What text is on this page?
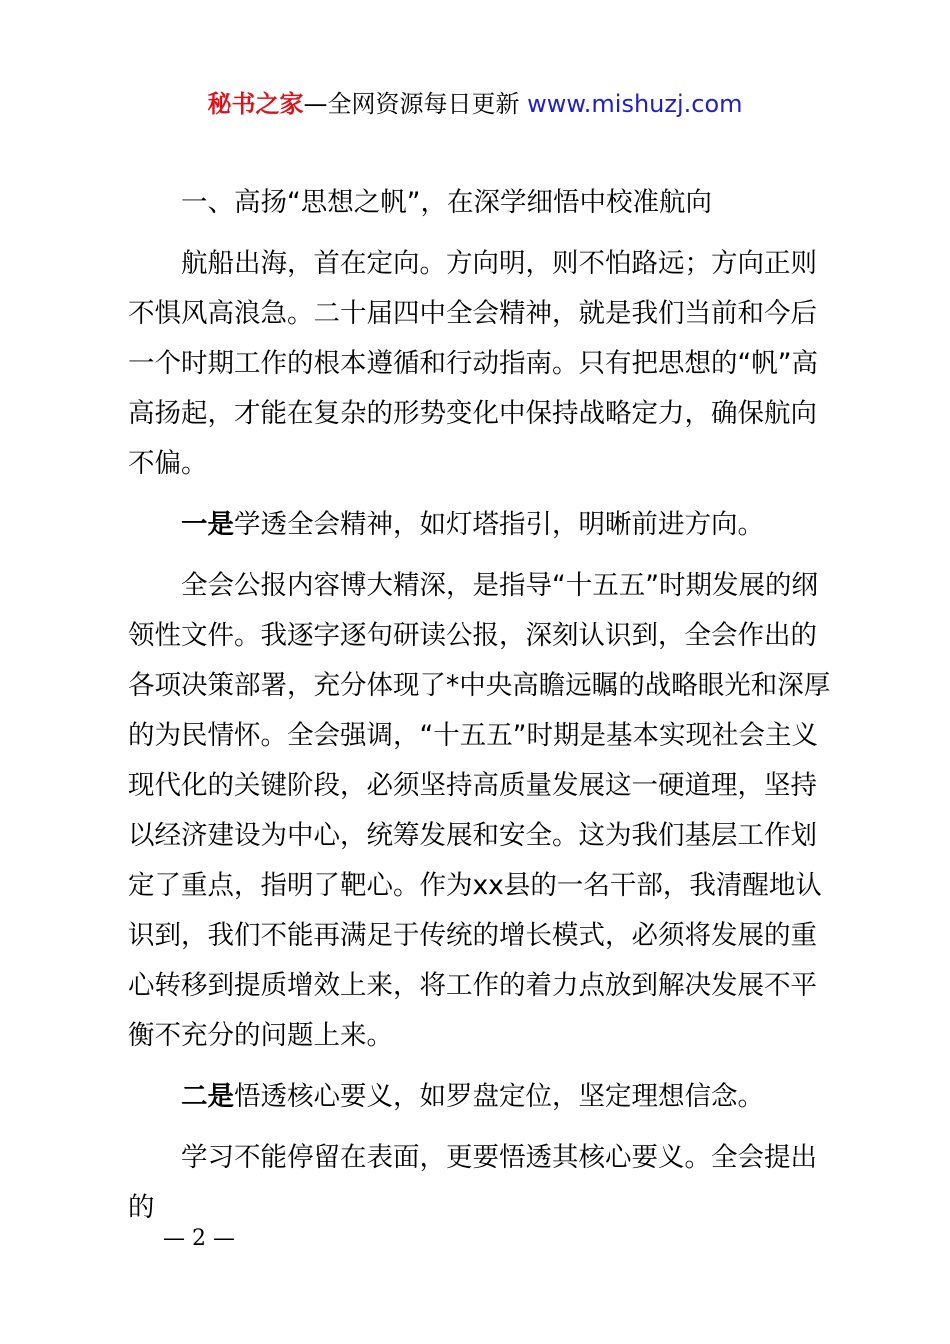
秘书之家—全网资源每日更新 www.mishuzj.com

一、高扬“思想之帆”，在深学细悟中校准航向

航船出海，首在定向。方向明，则不怕路远；方向正则不惧风高浪急。二十届四中全会精神，就是我们当前和今后一个时期工作的根本遵循和行动指南。只有把思想的“帆”高高扬起，才能在复杂的形势变化中保持战略定力，确保航向不偏。

一是学透全会精神，如灯塔指引，明晰前进方向。

全会公报内容博大精深，是指导“十五五”时期发展的纲领性文件。我逐字逐句研读公报，深刻认识到，全会作出的各项决策部署，充分体现了*中央高瞻远瞩的战略眼光和深厚的为民情怀。全会强调，“十五五”时期是基本实现社会主义现代化的关键阶段，必须坚持高质量发展这一硬道理，坚持以经济建设为中心，统筹发展和安全。这为我们基层工作划定了重点，指明了靶心。作为xx县的一名干部，我清醒地认识到，我们不能再满足于传统的增长模式，必须将发展的重心转移到提质增效上来，将工作的着力点放到解决发展不平衡不充分的问题上来。

二是悟透核心要义，如罗盘定位，坚定理想信念。

学习不能停留在表面，更要悟透其核心要义。全会提出的

— 2 —
